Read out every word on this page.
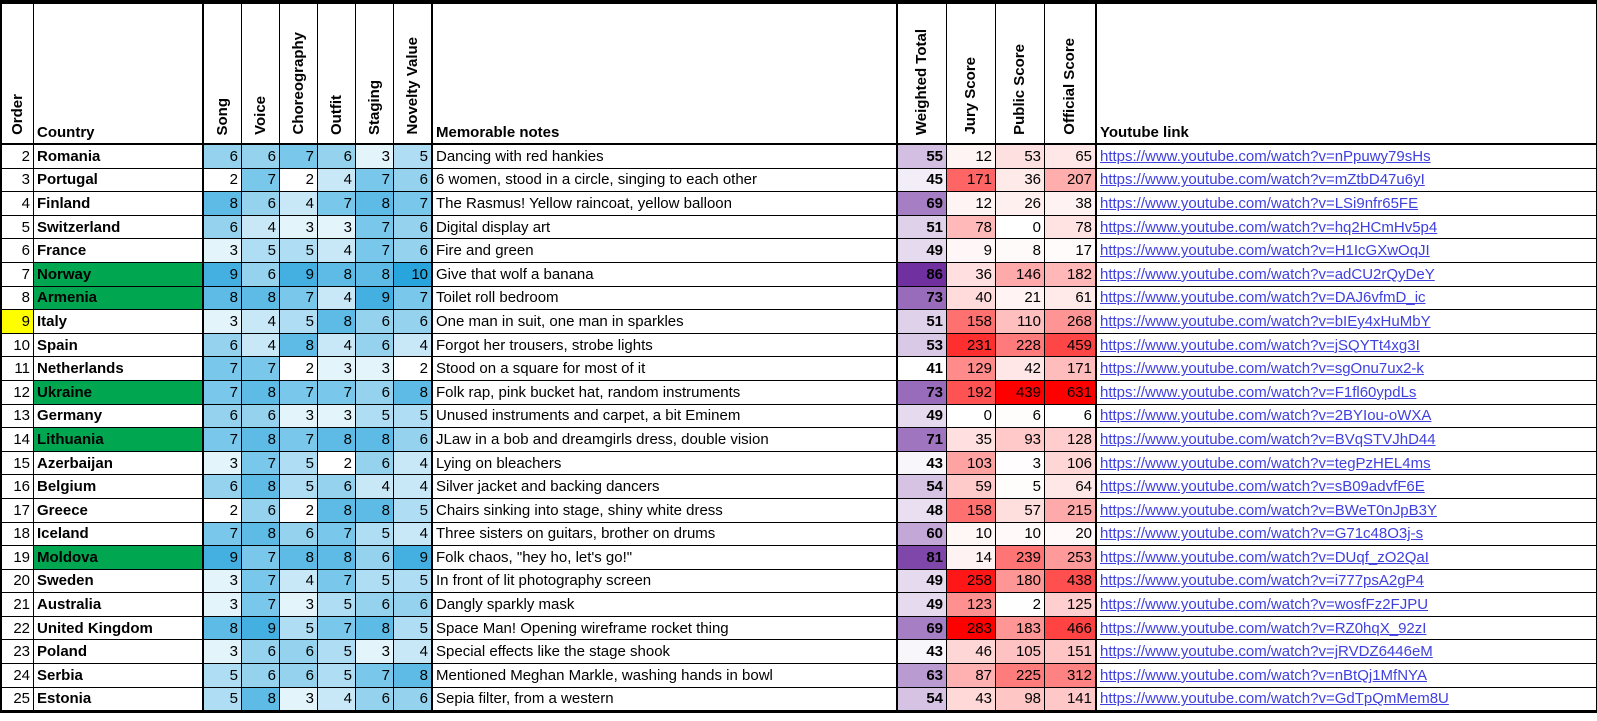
Order	Country	Song	Voice	Choreography	Outfit	Staging	Novelty Value	Memorable notes	Weighted Total	Jury Score	Public Score	Official Score	Youtube link
2	Romania	6	6	7	6	3	5	Dancing with red hankies	55	12	53	65	https://www.youtube.com/watch?v=nPpuwy79sHs
3	Portugal	2	7	2	4	7	6	6 women, stood in a circle, singing to each other	45	171	36	207	https://www.youtube.com/watch?v=mZtbD47u6yI
4	Finland	8	6	4	7	8	7	The Rasmus! Yellow raincoat, yellow balloon	69	12	26	38	https://www.youtube.com/watch?v=LSi9nfr65FE
5	Switzerland	6	4	3	3	7	6	Digital display art	51	78	0	78	https://www.youtube.com/watch?v=hq2HCmHv5p4
6	France	3	5	5	4	7	6	Fire and green	49	9	8	17	https://www.youtube.com/watch?v=H1IcGXwOqJI
7	Norway	9	6	9	8	8	10	Give that wolf a banana	86	36	146	182	https://www.youtube.com/watch?v=adCU2rQyDeY
8	Armenia	8	8	7	4	9	7	Toilet roll bedroom	73	40	21	61	https://www.youtube.com/watch?v=DAJ6vfmD_ic
9	Italy	3	4	5	8	6	6	One man in suit, one man in sparkles	51	158	110	268	https://www.youtube.com/watch?v=bIEy4xHuMbY
10	Spain	6	4	8	4	6	4	Forgot her trousers, strobe lights	53	231	228	459	https://www.youtube.com/watch?v=jSQYTt4xg3I
11	Netherlands	7	7	2	3	3	2	Stood on a square for most of it	41	129	42	171	https://www.youtube.com/watch?v=sgOnu7ux2-k
12	Ukraine	7	8	7	7	6	8	Folk rap, pink bucket hat, random instruments	73	192	439	631	https://www.youtube.com/watch?v=F1fl60ypdLs
13	Germany	6	6	3	3	5	5	Unused instruments and carpet, a bit Eminem	49	0	6	6	https://www.youtube.com/watch?v=2BYIou-oWXA
14	Lithuania	7	8	7	8	8	6	JLaw in a bob and dreamgirls dress, double vision	71	35	93	128	https://www.youtube.com/watch?v=BVqSTVJhD44
15	Azerbaijan	3	7	5	2	6	4	Lying on bleachers	43	103	3	106	https://www.youtube.com/watch?v=tegPzHEL4ms
16	Belgium	6	8	5	6	4	4	Silver jacket and backing dancers	54	59	5	64	https://www.youtube.com/watch?v=sB09advfF6E
17	Greece	2	6	2	8	8	5	Chairs sinking into stage, shiny white dress	48	158	57	215	https://www.youtube.com/watch?v=BWeT0nJpB3Y
18	Iceland	7	8	6	7	5	4	Three sisters on guitars, brother on drums	60	10	10	20	https://www.youtube.com/watch?v=G71c48O3j-s
19	Moldova	9	7	8	8	6	9	Folk chaos, "hey ho, let's go!"	81	14	239	253	https://www.youtube.com/watch?v=DUqf_zO2QaI
20	Sweden	3	7	4	7	5	5	In front of lit photography screen	49	258	180	438	https://www.youtube.com/watch?v=i777psA2gP4
21	Australia	3	7	3	5	6	6	Dangly sparkly mask	49	123	2	125	https://www.youtube.com/watch?v=wosfFz2FJPU
22	United Kingdom	8	9	5	7	8	5	Space Man! Opening wireframe rocket thing	69	283	183	466	https://www.youtube.com/watch?v=RZ0hqX_92zI
23	Poland	3	6	6	5	3	4	Special effects like the stage shook	43	46	105	151	https://www.youtube.com/watch?v=jRVDZ6446eM
24	Serbia	5	6	6	5	7	8	Mentioned Meghan Markle, washing hands in bowl	63	87	225	312	https://www.youtube.com/watch?v=nBtQj1MfNYA
25	Estonia	5	8	3	4	6	6	Sepia filter, from a western	54	43	98	141	https://www.youtube.com/watch?v=GdTpQmMem8U
